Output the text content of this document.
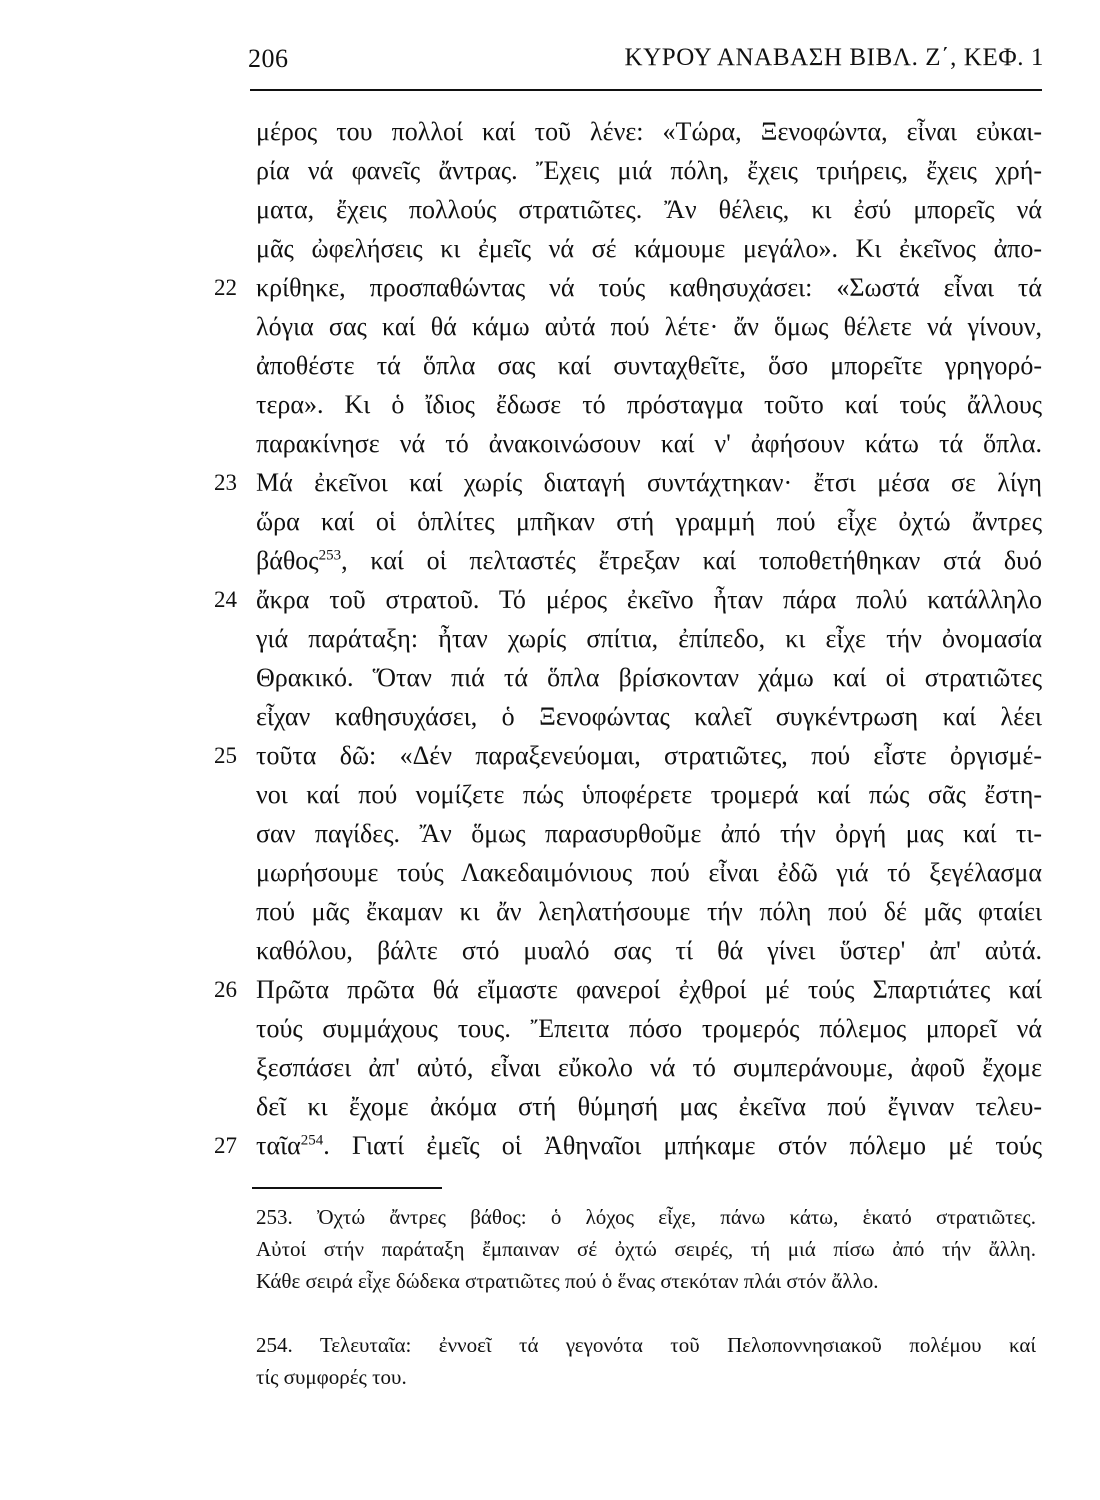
206	ΚΥΡΟΥ ΑΝΑΒΑΣΗ ΒΙΒΛ. Ζ΄, ΚΕΦ. 1
μέρος του πολλοί καί τοῦ λένε: «Τώρα, Ξενοφώντα, εἶναι εὐκαι-
ρία νά φανεῖς ἄντρας. Ἔχεις μιά πόλη, ἔχεις τριήρεις, ἔχεις χρή-
ματα, ἔχεις πολλούς στρατιῶτες. Ἄν θέλεις, κι ἐσύ μπορεῖς νά
μᾶς ὠφελήσεις κι ἐμεῖς νά σέ κάμουμε μεγάλο». Κι ἐκεῖνος ἀπο-
22 κρίθηκε, προσπαθώντας νά τούς καθησυχάσει: «Σωστά εἶναι τά
λόγια σας καί θά κάμω αὐτά πού λέτε· ἄν ὅμως θέλετε νά γίνουν,
ἀποθέστε τά ὅπλα σας καί συνταχθεῖτε, ὅσο μπορεῖτε γρηγορό-
τερα». Κι ὁ ἴδιος ἔδωσε τό πρόσταγμα τοῦτο καί τούς ἄλλους
παρακίνησε νά τό ἀνακοινώσουν καί ν' ἀφήσουν κάτω τά ὅπλα.
23 Μά ἐκεῖνοι καί χωρίς διαταγή συντάχτηκαν· ἔτσι μέσα σε λίγη
ὥρα καί οἱ ὁπλίτες μπῆκαν στή γραμμή πού εἶχε ὀχτώ ἄντρες
βάθος$^{253}$, καί οἱ πελταστές ἔτρεξαν καί τοποθετήθηκαν στά δυό
24 ἄκρα τοῦ στρατοῦ. Τό μέρος ἐκεῖνο ἦταν πάρα πολύ κατάλληλο
γιά παράταξη: ἦταν χωρίς σπίτια, ἐπίπεδο, κι εἶχε τήν ὀνομασία
Θρακικό. Ὅταν πιά τά ὅπλα βρίσκονταν χάμω καί οἱ στρατιῶτες
εἶχαν καθησυχάσει, ὁ Ξενοφώντας καλεῖ συγκέντρωση καί λέει
25 τοῦτα δῶ: «Δέν παραξενεύομαι, στρατιῶτες, πού εἶστε ὀργισμέ-
νοι καί πού νομίζετε πώς ὑποφέρετε τρομερά καί πώς σᾶς ἔστη-
σαν παγίδες. Ἄν ὅμως παρασυρθοῦμε ἀπό τήν ὀργή μας καί τι-
μωρήσουμε τούς Λακεδαιμόνιους πού εἶναι ἐδῶ γιά τό ξεγέλασμα
πού μᾶς ἔκαμαν κι ἄν λεηλατήσουμε τήν πόλη πού δέ μᾶς φταίει
καθόλου, βάλτε στό μυαλό σας τί θά γίνει ὕστερ' ἀπ' αὐτά.
26 Πρῶτα πρῶτα θά εἴμαστε φανεροί ἐχθροί μέ τούς Σπαρτιάτες καί
τούς συμμάχους τους. Ἔπειτα πόσο τρομερός πόλεμος μπορεῖ νά
ξεσπάσει ἀπ' αὐτό, εἶναι εὔκολο νά τό συμπεράνουμε, ἀφοῦ ἔχομε
δεῖ κι ἔχομε ἀκόμα στή θύμησή μας ἐκεῖνα πού ἔγιναν τελευ-
27 ταῖα$^{254}$. Γιατί ἐμεῖς οἱ Ἀθηναῖοι μπήκαμε στόν πόλεμο μέ τούς
253. Ὀχτώ ἄντρες βάθος: ὁ λόχος εἶχε, πάνω κάτω, ἑκατό στρατιῶτες.
Αὐτοί στήν παράταξη ἔμπαιναν σέ ὀχτώ σειρές, τή μιά πίσω ἀπό τήν ἄλλη.
Κάθε σειρά εἶχε δώδεκα στρατιῶτες πού ὁ ἕνας στεκόταν πλάι στόν ἄλλο.
254. Τελευταῖα: ἐννοεῖ τά γεγονότα τοῦ Πελοποννησιακοῦ πολέμου καί
τίς συμφορές του.
